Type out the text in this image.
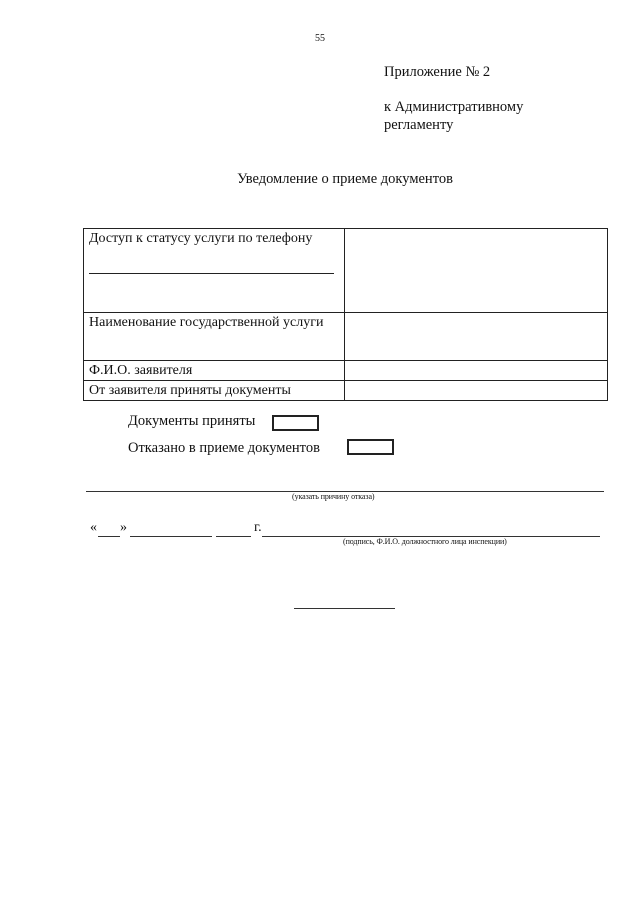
55
Приложение № 2
к Административному
регламенту
Уведомление о приеме документов
Доступ к статусу услуги по телефону	

Наименование государственной услуги	
Ф.И.О. заявителя	
От заявителя приняты документы	
Документы приняты
Отказано в приеме документов
(указать причину отказа)
« »	г.
(подпись, Ф.И.О. должностного лица инспекции)
